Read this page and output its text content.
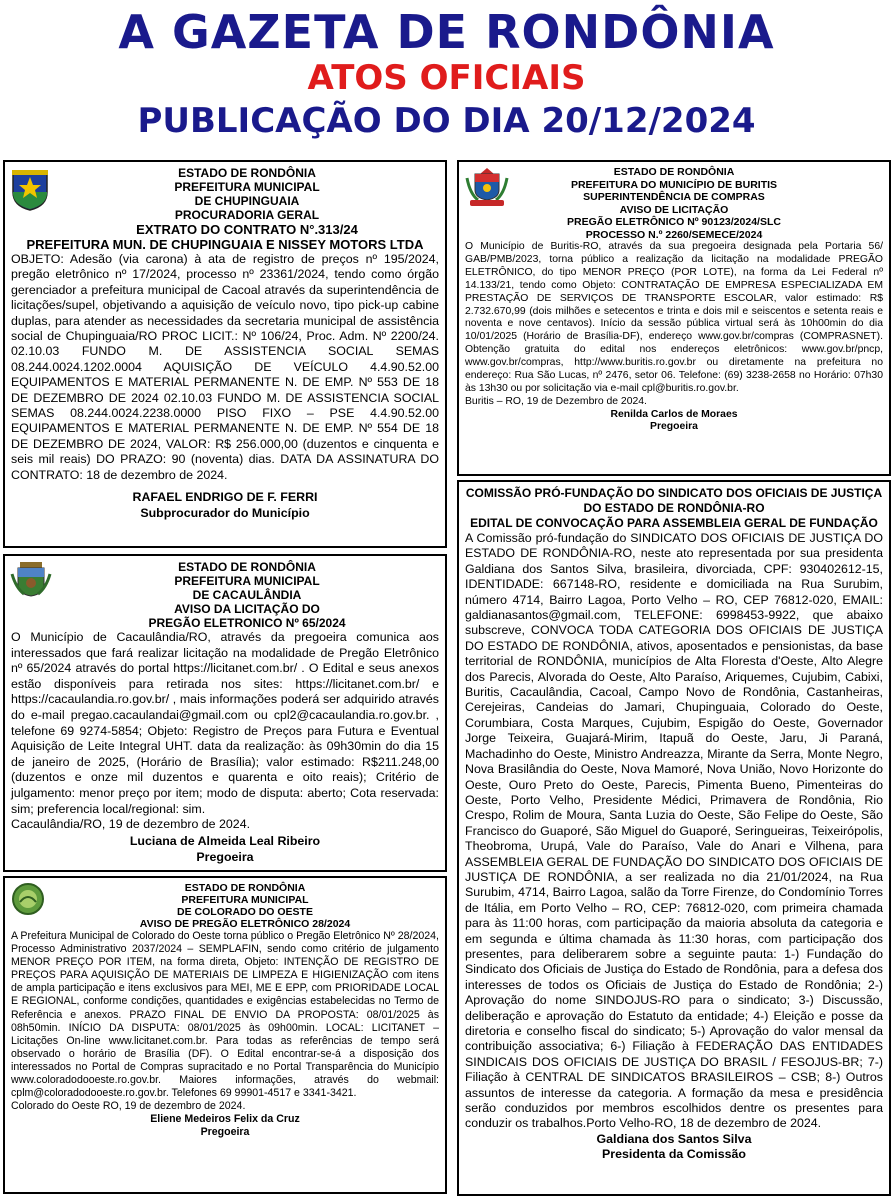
A GAZETA DE RONDÔNIA
ATOS OFICIAIS
PUBLICAÇÃO DO DIA 20/12/2024
ESTADO DE RONDÔNIA
PREFEITURA MUNICIPAL
DE CHUPINGUAIA
PROCURADORIA GERAL
EXTRATO DO CONTRATO N°.313/24
PREFEITURA MUN. DE CHUPINGUAIA E NISSEY MOTORS LTDA
OBJETO: Adesão (via carona) à ata de registro de preços nº 195/2024, pregão eletrônico nº 17/2024, processo nº 23361/2024, tendo como órgão gerenciador a prefeitura municipal de Cacoal através da superintendência de licitações/supel, objetivando a aquisição de veículo novo, tipo pick-up cabine duplas, para atender as necessidades da secretaria municipal de assistência social de Chupinguaia/RO PROC LICIT.: Nº 106/24, Proc. Adm. Nº 2200/24. 02.10.03 FUNDO M. DE ASSISTENCIA SOCIAL SEMAS 08.244.0024.1202.0004 AQUISIÇÃO DE VEÍCULO 4.4.90.52.00 EQUIPAMENTOS E MATERIAL PERMANENTE N. DE EMP. Nº 553 DE 18 DE DEZEMBRO DE 2024 02.10.03 FUNDO M. DE ASSISTENCIA SOCIAL SEMAS 08.244.0024.2238.0000 PISO FIXO – PSE 4.4.90.52.00 EQUIPAMENTOS E MATERIAL PERMANENTE N. DE EMP. Nº 554 DE 18 DE DEZEMBRO DE 2024, VALOR: R$ 256.000,00 (duzentos e cinquenta e seis mil reais) DO PRAZO: 90 (noventa) dias. DATA DA ASSINATURA DO CONTRATO: 18 de dezembro de 2024.
RAFAEL ENDRIGO DE F. FERRI
Subprocurador do Município
ESTADO DE RONDÔNIA
PREFEITURA MUNICIPAL
DE CACAULÂNDIA
AVISO DA LICITAÇÃO DO
PREGÃO ELETRONICO Nº 65/2024
O Município de Cacaulândia/RO, através da pregoeira comunica aos interessados que fará realizar licitação na modalidade de Pregão Eletrônico nº 65/2024 através do portal https://licitanet.com.br/ . O Edital e seus anexos estão disponíveis para retirada nos sites: https://licitanet.com.br/ e https://cacaulandia.ro.gov.br/ , mais informações poderá ser adquirido através do e-mail pregao.cacaulandai@gmail.com ou cpl2@cacaulandia.ro.gov.br. , telefone 69 9274-5854; Objeto: Registro de Preços para Futura e Eventual Aquisição de Leite Integral UHT. data da realização: às 09h30min do dia 15 de janeiro de 2025, (Horário de Brasília); valor estimado: R$211.248,00 (duzentos e onze mil duzentos e quarenta e oito reais); Critério de julgamento: menor preço por item; modo de disputa: aberto; Cota reservada: sim; preferencia local/regional: sim.
Cacaulândia/RO, 19 de dezembro de 2024.
Luciana de Almeida Leal Ribeiro
Pregoeira
ESTADO DE RONDÔNIA
PREFEITURA MUNICIPAL
DE COLORADO DO OESTE
AVISO DE PREGÃO ELETRÔNICO 28/2024
A Prefeitura Municipal de Colorado do Oeste torna público o Pregão Eletrônico Nº 28/2024, Processo Administrativo 2037/2024 – SEMPLAFIN, sendo como critério de julgamento MENOR PREÇO POR ITEM, na forma direta, Objeto: INTENÇÃO DE REGISTRO DE PREÇOS PARA AQUISIÇÃO DE MATERIAIS DE LIMPEZA E HIGIENIZAÇÃO com itens de ampla participação e itens exclusivos para MEI, ME E EPP, com PRIORIDADE LOCAL E REGIONAL, conforme condições, quantidades e exigências estabelecidas no Termo de Referência e anexos. PRAZO FINAL DE ENVIO DA PROPOSTA: 08/01/2025 às 08h50min. INÍCIO DA DISPUTA: 08/01/2025 às 09h00min. LOCAL: LICITANET – Licitações On-line www.licitanet.com.br. Para todas as referências de tempo será observado o horário de Brasília (DF). O Edital encontrar-se-á a disposição dos interessados no Portal de Compras supracitado e no Portal Transparência do Município www.coloradodooeste.ro.gov.br. Maiores informações, através do webmail: cplm@coloradodooeste.ro.gov.br. Telefones 69 99901-4517 e 3341-3421.
Colorado do Oeste RO, 19 de dezembro de 2024.
Eliene Medeiros Felix da Cruz
Pregoeira
ESTADO DE RONDÔNIA
PREFEITURA DO MUNICÍPIO DE BURITIS
SUPERINTENDÊNCIA DE COMPRAS
AVISO DE LICITAÇÃO
PREGÃO ELETRÔNICO Nº 90123/2024/SLC
PROCESSO N.º 2260/SEMECE/2024
O Município de Buritis-RO, através da sua pregoeira designada pela Portaria 56/ GAB/PMB/2023, torna público a realização da licitação na modalidade PREGÃO ELETRÔNICO, do tipo MENOR PREÇO (POR LOTE), na forma da Lei Federal nº 14.133/21, tendo como Objeto: CONTRATAÇÃO DE EMPRESA ESPECIALIZADA EM PRESTAÇÃO DE SERVIÇOS DE TRANSPORTE ESCOLAR, valor estimado: R$ 2.732.670,99 (dois milhões e setecentos e trinta e dois mil e seiscentos e setenta reais e noventa e nove centavos). Início da sessão pública virtual será às 10h00min do dia 10/01/2025 (Horário de Brasília-DF), endereço www.gov.br/compras (COMPRASNET). Obtenção gratuita do edital nos endereços eletrônicos: www.gov.br/pncp, www.gov.br/compras, http://www.buritis.ro.gov.br ou diretamente na prefeitura no endereço: Rua São Lucas, nº 2476, setor 06. Telefone: (69) 3238-2658 no Horário: 07h30 às 13h30 ou por solicitação via e-mail cpl@buritis.ro.gov.br.
Buritis – RO, 19 de Dezembro de 2024.
Renilda Carlos de Moraes
Pregoeira
COMISSÃO PRÓ-FUNDAÇÃO DO SINDICATO DOS OFICIAIS DE JUSTIÇA DO ESTADO DE RONDÔNIA-RO
EDITAL DE CONVOCAÇÃO PARA ASSEMBLEIA GERAL DE FUNDAÇÃO
A Comissão pró-fundação do SINDICATO DOS OFICIAIS DE JUSTIÇA DO ESTADO DE RONDÔNIA-RO, neste ato representada por sua presidenta Galdiana dos Santos Silva, brasileira, divorciada, CPF: 930402612-15, IDENTIDADE: 667148-RO, residente e domiciliada na Rua Surubim, número 4714, Bairro Lagoa, Porto Velho – RO, CEP 76812-020, EMAIL: galdianasantos@gmail.com, TELEFONE: 6998453-9922, que abaixo subscreve, CONVOCA TODA CATEGORIA DOS OFICIAIS DE JUSTIÇA DO ESTADO DE RONDÔNIA, ativos, aposentados e pensionistas, da base territorial de RONDÔNIA, municípios de Alta Floresta d'Oeste, Alto Alegre dos Parecis, Alvorada do Oeste, Alto Paraíso, Ariquemes, Cujubim, Cabixi, Buritis, Cacaulândia, Cacoal, Campo Novo de Rondônia, Castanheiras, Cerejeiras, Candeias do Jamari, Chupinguaia, Colorado do Oeste, Corumbiara, Costa Marques, Cujubim, Espigão do Oeste, Governador Jorge Teixeira, Guajará-Mirim, Itapuã do Oeste, Jaru, Ji Paraná, Machadinho do Oeste, Ministro Andreazza, Mirante da Serra, Monte Negro, Nova Brasilândia do Oeste, Nova Mamoré, Nova União, Novo Horizonte do Oeste, Ouro Preto do Oeste, Parecis, Pimenta Bueno, Pimenteiras do Oeste, Porto Velho, Presidente Médici, Primavera de Rondônia, Rio Crespo, Rolim de Moura, Santa Luzia do Oeste, São Felipe do Oeste, São Francisco do Guaporé, São Miguel do Guaporé, Seringueiras, Teixeirópolis, Theobroma, Urupá, Vale do Paraíso, Vale do Anari e Vilhena, para ASSEMBLEIA GERAL DE FUNDAÇÃO DO SINDICATO DOS OFICIAIS DE JUSTIÇA DE RONDÔNIA, a ser realizada no dia 21/01/2024, na Rua Surubim, 4714, Bairro Lagoa, salão da Torre Firenze, do Condomínio Torres de Itália, em Porto Velho – RO, CEP: 76812-020, com primeira chamada para às 11:00 horas, com participação da maioria absoluta da categoria e em segunda e última chamada às 11:30 horas, com participação dos presentes, para deliberarem sobre a seguinte pauta: 1-) Fundação do Sindicato dos Oficiais de Justiça do Estado de Rondônia, para a defesa dos interesses de todos os Oficiais de Justiça do Estado de Rondônia; 2-) Aprovação do nome SINDOJUS-RO para o sindicato; 3-) Discussão, deliberação e aprovação do Estatuto da entidade; 4-) Eleição e posse da diretoria e conselho fiscal do sindicato; 5-) Aprovação do valor mensal da contribuição associativa; 6-) Filiação à FEDERAÇÃO DAS ENTIDADES SINDICAIS DOS OFICIAIS DE JUSTIÇA DO BRASIL / FESOJUS-BR; 7-) Filiação à CENTRAL DE SINDICATOS BRASILEIROS – CSB; 8-) Outros assuntos de interesse da categoria. A formação da mesa e presidência serão conduzidos por membros escolhidos dentre os presentes para conduzir os trabalhos.Porto Velho-RO, 18 de dezembro de 2024.
Galdiana dos Santos Silva
Presidenta da Comissão
